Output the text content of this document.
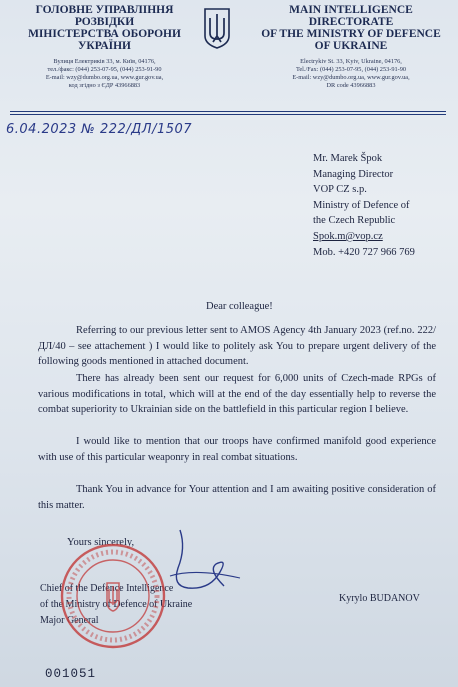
ГОЛОВНЕ УПРАВЛІННЯ
РОЗВІДКИ
МІНІСТЕРСТВА ОБОРОНИ
УКРАЇНИ
Вулиця Електриків 33, м. Київ, 04176,
тел./факс: (044) 253-07-95, (044) 253-91-90
E-mail: wzy@dumbo.org.ua, www.gur.gov.ua,
код згідно з ЄДР 43966883
MAIN INTELLIGENCE
DIRECTORATE
OF THE MINISTRY OF DEFENCE
OF UKRAINE
Electrykiv St. 33, Kyiv, Ukraine, 04176,
Tel./Fax: (044) 253-07-95, (044) 253-91-90
E-mail: wzy@dumbo.org.ua, www.gur.gov.ua,
DR code 43966883
6.04.2023 № 222/ДЛ/1507
Mr. Marek Špok
Managing Director
VOP CZ s.p.
Ministry of Defence of
the Czech Republic
Spok.m@vop.cz
Mob. +420 727 966 769
Dear colleague!
Referring to our previous letter sent to AMOS Agency 4th January 2023 (ref.no. 222/ДЛ/40 – see attachement ) I would like to politely ask You to prepare urgent delivery of the following goods mentioned in attached document.
There has already been sent our request for 6,000 units of Czech-made RPGs of various modifications in total, which will at the end of the day essentially help to reverse the combat superiority to Ukrainian side on the battlefield in this particular region I believe.
I would like to mention that our troops have confirmed manifold good experience with use of this particular weaponry in real combat situations.
Thank You in advance for Your attention and I am awaiting positive consideration of this matter.
Yours sincerely,
Chief of the Defence Intelligence
of the Ministry of Defence of Ukraine
Major General
Kyrylo BUDANOV
001051
